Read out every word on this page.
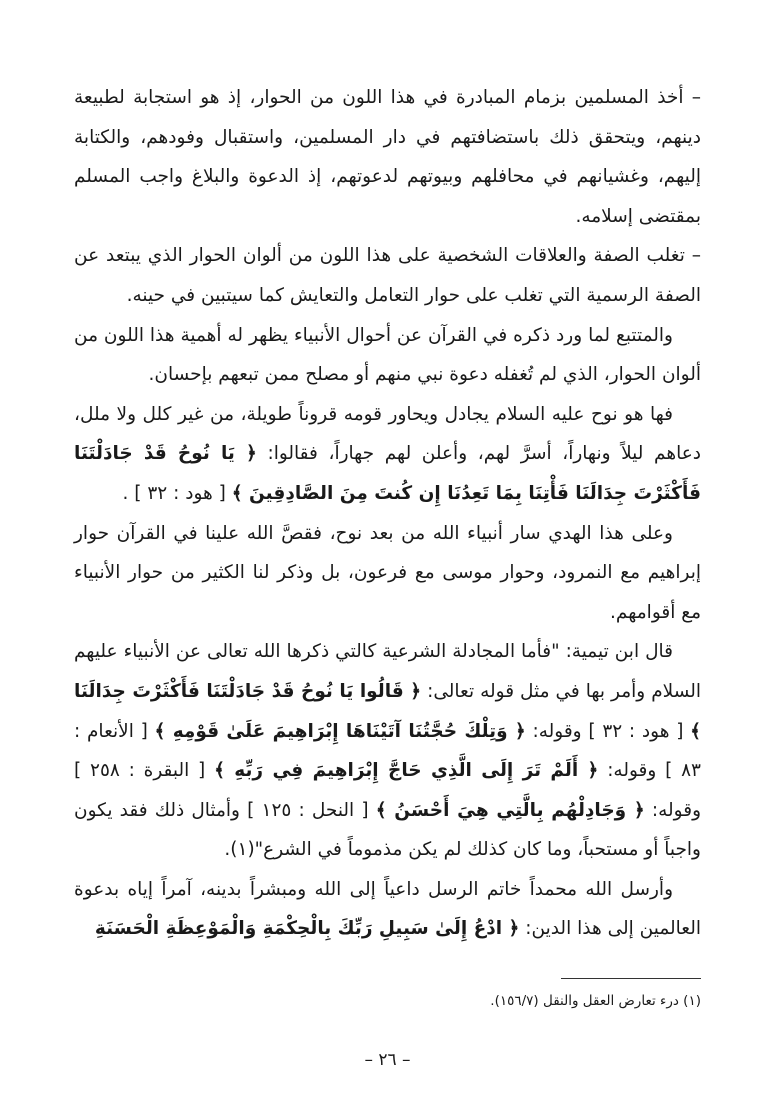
– أخذ المسلمين بزمام المبادرة في هذا اللون من الحوار، إذ هو استجابة لطبيعة دينهم، ويتحقق ذلك باستضافتهم في دار المسلمين، واستقبال وفودهم، والكتابة إليهم، وغشيانهم في محافلهم وبيوتهم لدعوتهم، إذ الدعوة والبلاغ واجب المسلم بمقتضى إسلامه.

– تغلب الصفة والعلاقات الشخصية على هذا اللون من ألوان الحوار الذي يبتعد عن الصفة الرسمية التي تغلب على حوار التعامل والتعايش كما سيتبين في حينه.

والمتتبع لما ورد ذكره في القرآن عن أحوال الأنبياء يظهر له أهمية هذا اللون من ألوان الحوار، الذي لم تُغفله دعوة نبي منهم أو مصلح ممن تبعهم بإحسان.

فها هو نوح عليه السلام يجادل ويحاور قومه قروناً طويلة، من غير كلل ولا ملل، دعاهم ليلاً ونهاراً، أسرَّ لهم، وأعلن لهم جهاراً، فقالوا: ﴿ يَا نُوحُ قَدْ جَادَلْتَنَا فَأَكْثَرْتَ جِدَالَنَا فَأْتِنَا بِمَا تَعِدُنَا إِن كُنتَ مِنَ الصَّادِقِينَ ﴾ [ هود : ٣٢ ] .

وعلى هذا الهدي سار أنبياء الله من بعد نوح، فقصَّ الله علينا في القرآن حوار إبراهيم مع النمرود، وحوار موسى مع فرعون، بل وذكر لنا الكثير من حوار الأنبياء مع أقوامهم.

قال ابن تيمية: "فأما المجادلة الشرعية كالتي ذكرها الله تعالى عن الأنبياء عليهم السلام وأمر بها في مثل قوله تعالى: ﴿ قَالُوا يَا نُوحُ قَدْ جَادَلْتَنَا فَأَكْثَرْتَ جِدَالَنَا ﴾ [ هود : ٣٢ ] وقوله: ﴿ وَتِلْكَ حُجَّتُنَا آتَيْنَاهَا إِبْرَاهِيمَ عَلَىٰ قَوْمِهِ ﴾ [ الأنعام : ٨٣ ] وقوله: ﴿ أَلَمْ تَرَ إِلَى الَّذِي حَاجَّ إِبْرَاهِيمَ فِي رَبِّهِ ﴾ [ البقرة : ٢٥٨ ] وقوله: ﴿ وَجَادِلْهُم بِالَّتِي هِيَ أَحْسَنُ ﴾ [ النحل : ١٢٥ ] وأمثال ذلك فقد يكون واجباً أو مستحباً، وما كان كذلك لم يكن مذموماً في الشرع"(١).

وأرسل الله محمداً خاتم الرسل داعياً إلى الله ومبشراً بدينه، آمراً إياه بدعوة العالمين إلى هذا الدين: ﴿ ادْعُ إِلَىٰ سَبِيلِ رَبِّكَ بِالْحِكْمَةِ وَالْمَوْعِظَةِ الْحَسَنَةِ

(١) درء تعارض العقل والنقل (١٥٦/٧).
– ٢٦ –
